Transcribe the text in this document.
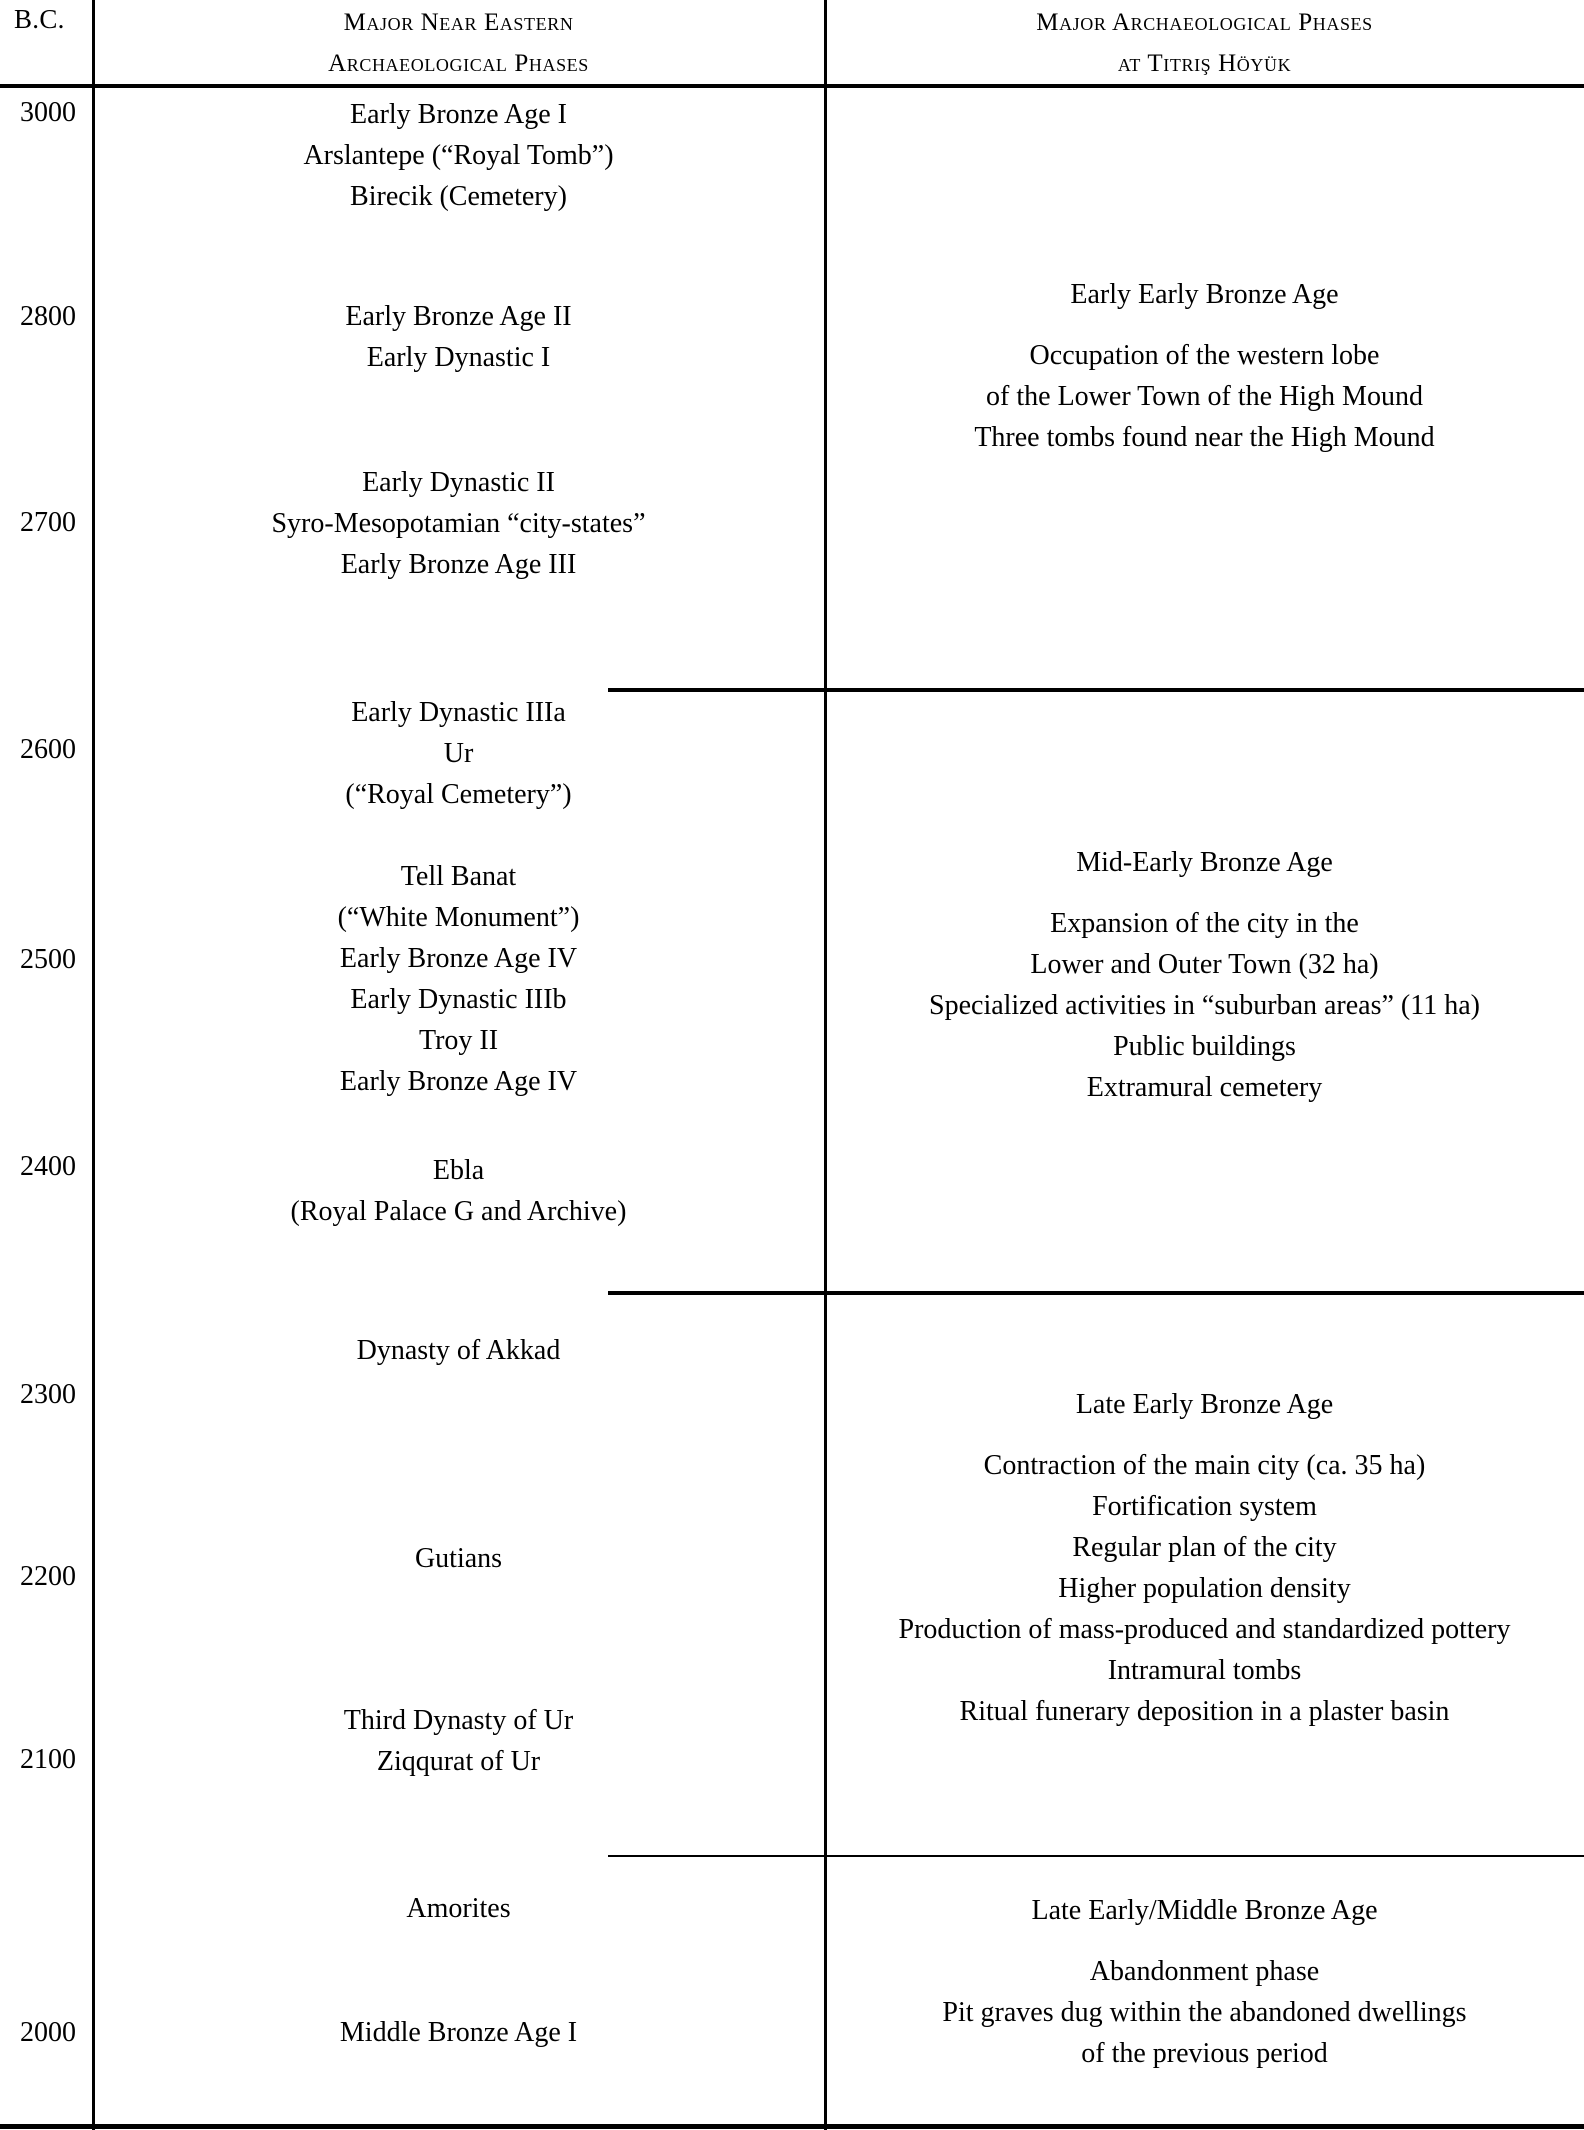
B.C.	Major Near Eastern
Archaeological Phases
Major Archaeological Phases
at Titriş Höyük
3000
2800
2700
2600
2500
2400
2300
2200
2100
2000
Early Bronze Age I
Arslantepe (“Royal Tomb”)
Birecik (Cemetery)
Early Bronze Age II
Early Dynastic I
Early Dynastic II
Syro-Mesopotamian “city-states”
Early Bronze Age III
Early Dynastic IIIa
Ur
(“Royal Cemetery”)
Tell Banat
(“White Monument”)
Early Bronze Age IV
Early Dynastic IIIb
Troy II
Early Bronze Age IV
Ebla
(Royal Palace G and Archive)
Dynasty of Akkad
Gutians
Third Dynasty of Ur
Ziqqurat of Ur
Amorites
Middle Bronze Age I
Early Early Bronze Age
Occupation of the western lobe
of the Lower Town of the High Mound
Three tombs found near the High Mound
Mid-Early Bronze Age
Expansion of the city in the
Lower and Outer Town (32 ha)
Specialized activities in “suburban areas” (11 ha)
Public buildings
Extramural cemetery
Late Early Bronze Age
Contraction of the main city (ca. 35 ha)
Fortification system
Regular plan of the city
Higher population density
Production of mass-produced and standardized pottery
Intramural tombs
Ritual funerary deposition in a plaster basin
Late Early/Middle Bronze Age
Abandonment phase
Pit graves dug within the abandoned dwellings
of the previous period
